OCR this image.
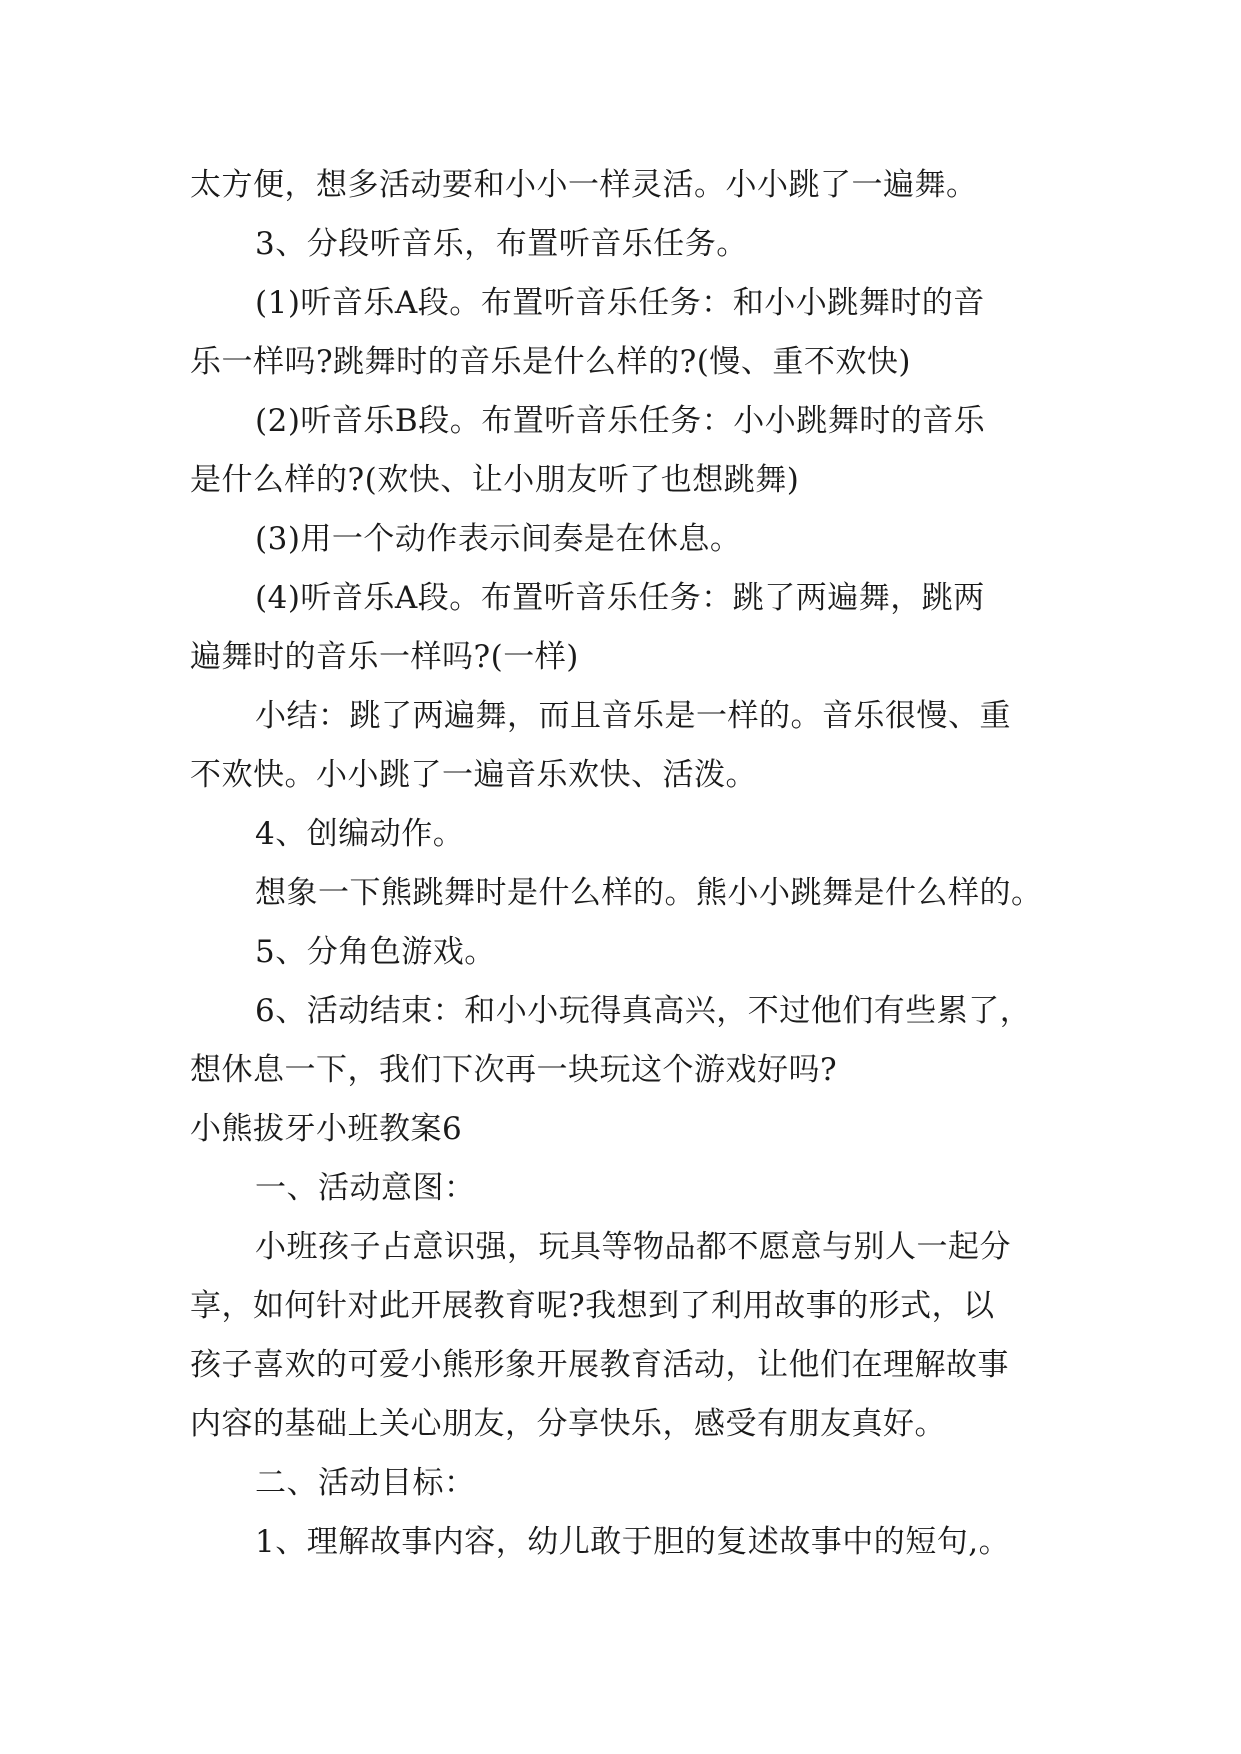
太方便，想多活动要和小小一样灵活。小小跳了一遍舞。
3、分段听音乐，布置听音乐任务。
(1)听音乐A段。布置听音乐任务：和小小跳舞时的音
乐一样吗?跳舞时的音乐是什么样的?(慢、重不欢快)
(2)听音乐B段。布置听音乐任务：小小跳舞时的音乐
是什么样的?(欢快、让小朋友听了也想跳舞)
(3)用一个动作表示间奏是在休息。
(4)听音乐A段。布置听音乐任务：跳了两遍舞，跳两
遍舞时的音乐一样吗?(一样)
小结：跳了两遍舞，而且音乐是一样的。音乐很慢、重
不欢快。小小跳了一遍音乐欢快、活泼。
4、创编动作。
想象一下熊跳舞时是什么样的。熊小小跳舞是什么样的。
5、分角色游戏。
6、活动结束：和小小玩得真高兴，不过他们有些累了，
想休息一下，我们下次再一块玩这个游戏好吗?
小熊拔牙小班教案6
一、活动意图：
小班孩子占意识强，玩具等物品都不愿意与别人一起分
享，如何针对此开展教育呢?我想到了利用故事的形式，以
孩子喜欢的可爱小熊形象开展教育活动，让他们在理解故事
内容的基础上关心朋友，分享快乐，感受有朋友真好。
二、活动目标：
1、理解故事内容，幼儿敢于胆的复述故事中的短句,。
